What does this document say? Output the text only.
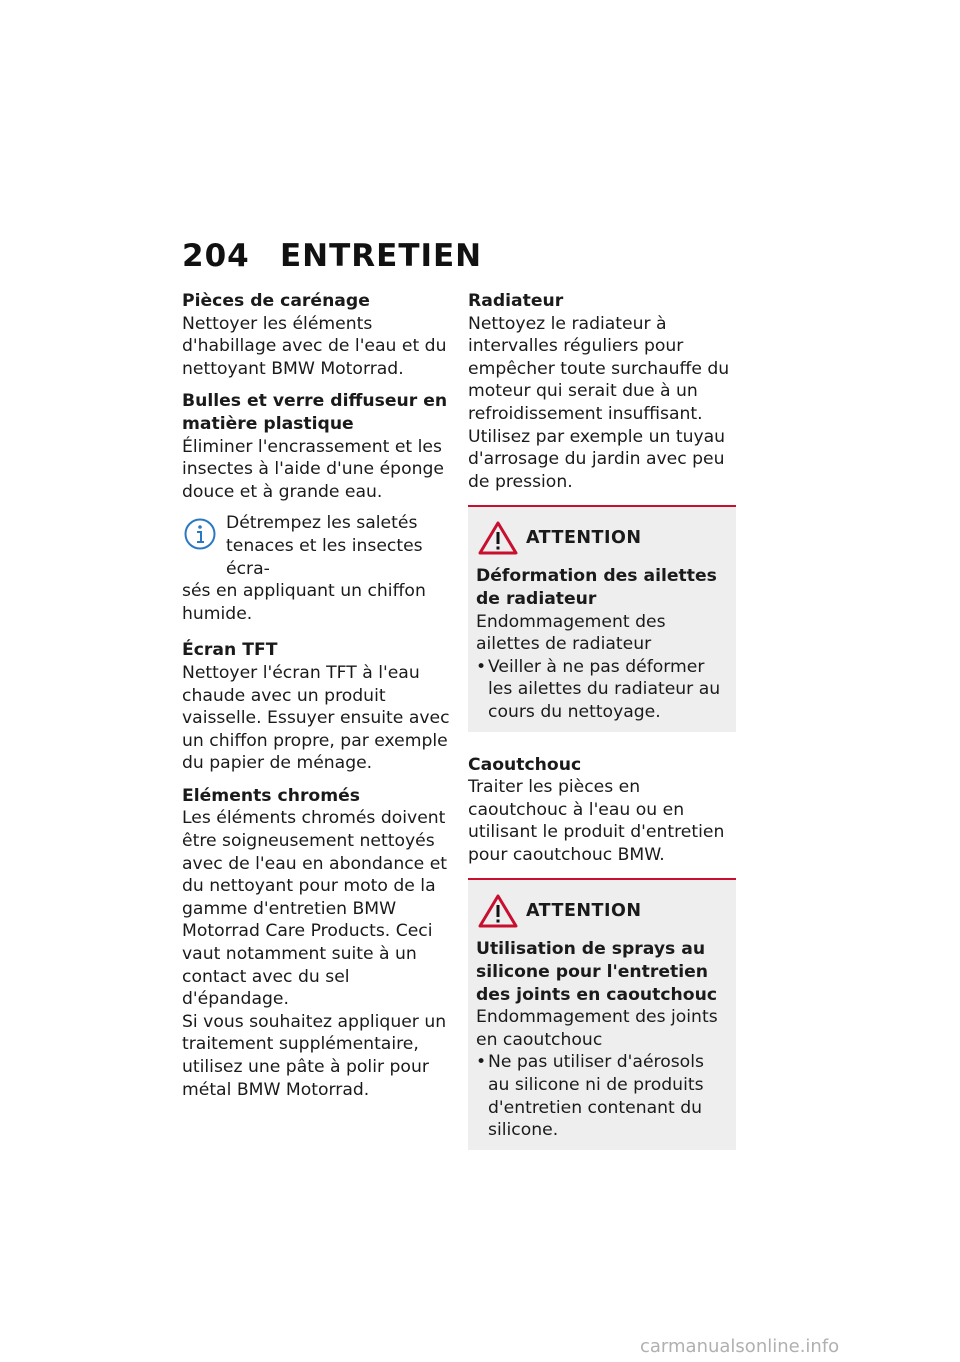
204 ENTRETIEN

Pièces de carénage

Nettoyer les éléments d'habillage avec de l'eau et du nettoyant BMW Motorrad.

Bulles et verre diffuseur en matière plastique

Éliminer l'encrassement et les insectes à l'aide d'une éponge douce et à grande eau.

Détrempez les saletés tenaces et les insectes écra-
sés en appliquant un chiffon humide.

Écran TFT

Nettoyer l'écran TFT à l'eau chaude avec un produit vaisselle. Essuyer ensuite avec un chiffon propre, par exemple du papier de ménage.

Eléments chromés

Les éléments chromés doivent être soigneusement nettoyés avec de l'eau en abondance et du nettoyant pour moto de la gamme d'entretien BMW Motorrad Care Products. Ceci vaut notamment suite à un contact avec du sel d'épandage.

Si vous souhaitez appliquer un traitement supplémentaire, utilisez une pâte à polir pour métal BMW Motorrad.

Radiateur

Nettoyez le radiateur à intervalles réguliers pour empêcher toute surchauffe du moteur qui serait due à un refroidissement insuffisant.

Utilisez par exemple un tuyau d'arrosage du jardin avec peu de pression.

ATTENTION

Déformation des ailettes de radiateur

Endommagement des ailettes de radiateur

• Veiller à ne pas déformer les ailettes du radiateur au cours du nettoyage.

Caoutchouc

Traiter les pièces en caoutchouc à l'eau ou en utilisant le produit d'entretien pour caoutchouc BMW.

ATTENTION

Utilisation de sprays au silicone pour l'entretien des joints en caoutchouc

Endommagement des joints en caoutchouc

• Ne pas utiliser d'aérosols au silicone ni de produits d'entretien contenant du silicone.

carmanualsonline.info
